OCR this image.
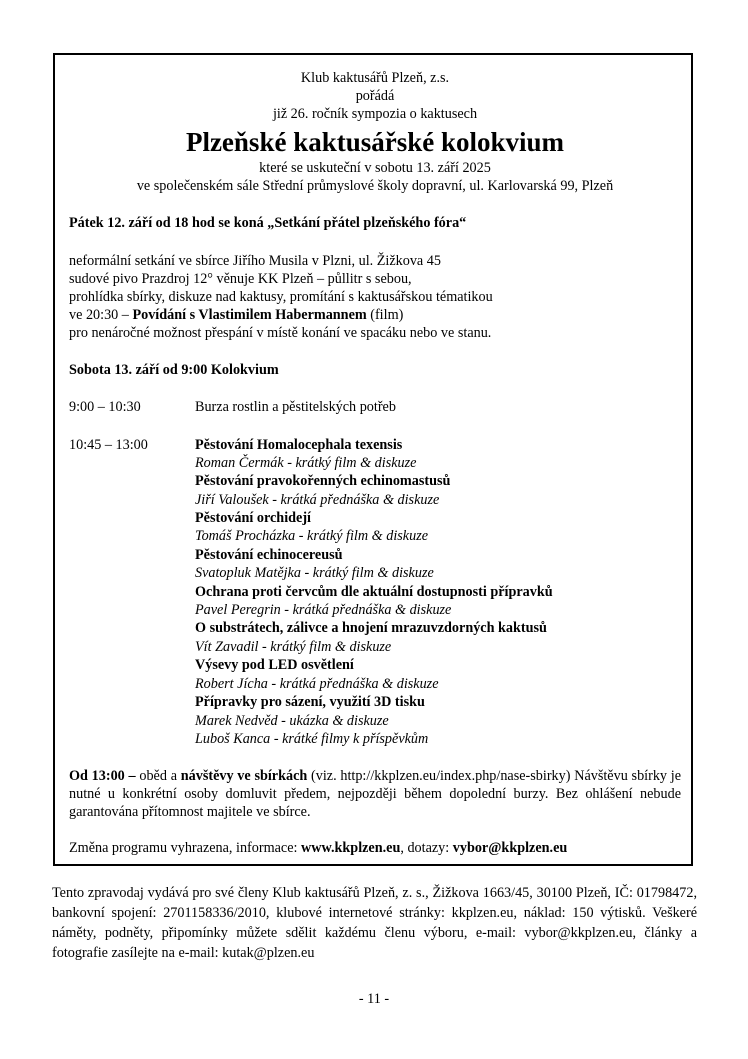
Klub kaktusářů Plzeň, z.s.
pořádá
již 26. ročník sympozia o kaktusech
Plzeňské kaktusářské kolokvium
které se uskuteční v sobotu 13. září 2025
ve společenském sále Střední průmyslové školy dopravní, ul. Karlovarská 99, Plzeň
Pátek 12. září od 18 hod se koná „Setkání přátel plzeňského fóra“
neformální setkání ve sbírce Jiřího Musila v Plzni, ul. Žižkova 45
sudové pivo Prazdroj 12° věnuje KK Plzeň – půllitr s sebou,
prohlídka sbírky, diskuze nad kaktusy, promítání s kaktusářskou tématikou
ve 20:30 – Povídání s Vlastimilem Habermannem (film)
pro nenáročné možnost přespání v místě konání ve spacáku nebo ve stanu.
Sobota 13. září od 9:00 Kolokvium
9:00 – 10:30	Burza rostlin a pěstitelských potřeb
10:45 – 13:00	Pěstování Homalocephala texensis
Roman Čermák - krátký film & diskuze
Pěstování pravokořenných echinomastusů
Jiří Valoušek - krátká přednáška & diskuze
Pěstování orchidejí
Tomáš Procházka - krátký film & diskuze
Pěstování echinocereusů
Svatopluk Matějka - krátký film & diskuze
Ochrana proti červcům dle aktuální dostupnosti přípravků
Pavel Peregrin - krátká přednáška & diskuze
O substrátech, zálivce a hnojení mrazuvzdorných kaktusů
Vít Zavadil - krátký film & diskuze
Výsevy pod LED osvětlení
Robert Jícha - krátká přednáška & diskuze
Přípravky pro sázení, využití 3D tisku
Marek Nedvěd - ukázka & diskuze
Luboš Kanca - krátké filmy k příspěvkům
Od 13:00 – oběd a návštěvy ve sbírkách (viz. http://kkplzen.eu/index.php/nase-sbirky) Návštěvu sbírky je nutné u konkrétní osoby domluvit předem, nejpozději během dopolední burzy. Bez ohlášení nebude garantována přítomnost majitele ve sbírce.
Změna programu vyhrazena, informace: www.kkplzen.eu, dotazy: vybor@kkplzen.eu
Tento zpravodaj vydává pro své členy Klub kaktusářů Plzeň, z. s., Žižkova 1663/45, 30100 Plzeň, IČ: 01798472, bankovní spojení: 2701158336/2010, klubové internetové stránky: kkplzen.eu, náklad: 150 výtisků. Veškeré náměty, podněty, připomínky můžete sdělit každému členu výboru, e-mail: vybor@kkplzen.eu, články a fotografie zasílejte na e-mail: kutak@plzen.eu
- 11 -
